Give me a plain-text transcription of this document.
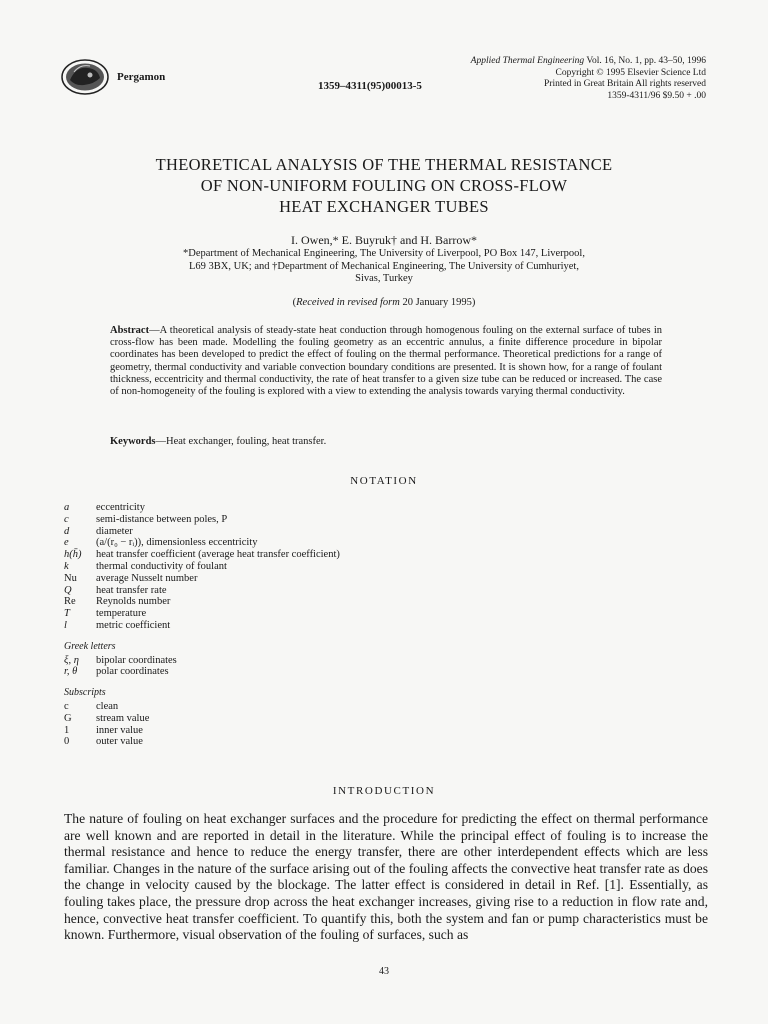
Pergamon
1359–4311(95)00013-5
Applied Thermal Engineering Vol. 16, No. 1, pp. 43–50, 1996
Copyright © 1995 Elsevier Science Ltd
Printed in Great Britain All rights reserved
1359-4311/96 $9.50 + .00
THEORETICAL ANALYSIS OF THE THERMAL RESISTANCE
OF NON-UNIFORM FOULING ON CROSS-FLOW
HEAT EXCHANGER TUBES
I. Owen,* E. Buyruk† and H. Barrow*
*Department of Mechanical Engineering, The University of Liverpool, PO Box 147, Liverpool,
L69 3BX, UK; and †Department of Mechanical Engineering, The University of Cumhuriyet,
Sivas, Turkey
(Received in revised form 20 January 1995)
Abstract—A theoretical analysis of steady-state heat conduction through homogenous fouling on the external surface of tubes in cross-flow has been made. Modelling the fouling geometry as an eccentric annulus, a finite difference procedure in bipolar coordinates has been developed to predict the effect of fouling on the thermal performance. Theoretical predictions for a range of geometry, thermal conductivity and variable convection boundary conditions are presented. It is shown how, for a range of foulant thickness, eccentricity and thermal conductivity, the rate of heat transfer to a given size tube can be reduced or increased. The case of non-homogeneity of the fouling is explored with a view to extending the analysis towards varying thermal conductivity.
Keywords—Heat exchanger, fouling, heat transfer.
NOTATION
a	eccentricity
c	semi-distance between poles, P
d	diameter
e	(a/(r₀ − rᵢ)), dimensionless eccentricity
h(h̄)	heat transfer coefficient (average heat transfer coefficient)
k	thermal conductivity of foulant
Nu	average Nusselt number
Q	heat transfer rate
Re	Reynolds number
T	temperature
l	metric coefficient
Greek letters
ξ, η	bipolar coordinates
r, θ	polar coordinates
Subscripts
c	clean
G	stream value
1	inner value
0	outer value
INTRODUCTION
The nature of fouling on heat exchanger surfaces and the procedure for predicting the effect on thermal performance are well known and are reported in detail in the literature. While the principal effect of fouling is to increase the thermal resistance and hence to reduce the energy transfer, there are other interdependent effects which are less familiar. Changes in the nature of the surface arising out of the fouling affects the convective heat transfer rate as does the change in velocity caused by the blockage. The latter effect is considered in detail in Ref. [1]. Essentially, as fouling takes place, the pressure drop across the heat exchanger increases, giving rise to a reduction in flow rate and, hence, convective heat transfer coefficient. To quantify this, both the system and fan or pump characteristics must be known. Furthermore, visual observation of the fouling of surfaces, such as
43
